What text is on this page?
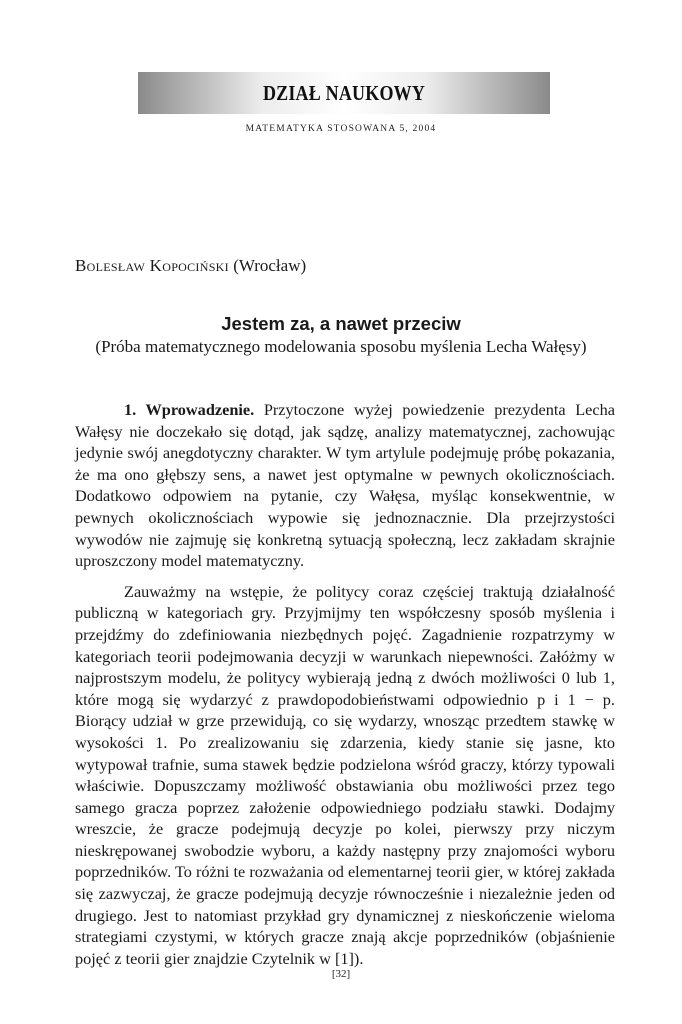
DZIAŁ NAUKOWY
MATEMATYKA STOSOWANA 5, 2004
Bolesław Kopociński (Wrocław)
Jestem za, a nawet przeciw
(Próba matematycznego modelowania sposobu myślenia Lecha Wałęsy)

1. Wprowadzenie. Przytoczone wyżej powiedzenie prezydenta Lecha Wałęsy nie doczekało się dotąd, jak sądzę, analizy matematycznej, zachowując jedynie swój anegdotyczny charakter. W tym artylule podejmuję próbę pokazania, że ma ono głębszy sens, a nawet jest optymalne w pewnych okolicznościach. Dodatkowo odpowiem na pytanie, czy Wałęsa, myśląc konsekwentnie, w pewnych okolicznościach wypowie się jednoznacznie. Dla przejrzystości wywodów nie zajmuję się konkretną sytuacją społeczną, lecz zakładam skrajnie uproszczony model matematyczny.

Zauważmy na wstępie, że politycy coraz częściej traktują działalność publiczną w kategoriach gry. Przyjmijmy ten współczesny sposób myślenia i przejdźmy do zdefiniowania niezbędnych pojęć. Zagadnienie rozpatrzymy w kategoriach teorii podejmowania decyzji w warunkach niepewności. Załóżmy w najprostszym modelu, że politycy wybierają jedną z dwóch możliwości 0 lub 1, które mogą się wydarzyć z prawdopodobieństwami odpowiednio p i 1 − p. Biorący udział w grze przewidują, co się wydarzy, wnosząc przedtem stawkę w wysokości 1. Po zrealizowaniu się zdarzenia, kiedy stanie się jasne, kto wytypował trafnie, suma stawek będzie podzielona wśród graczy, którzy typowali właściwie. Dopuszczamy możliwość obstawiania obu możliwości przez tego samego gracza poprzez założenie odpowiedniego podziału stawki. Dodajmy wreszcie, że gracze podejmują decyzje po kolei, pierwszy przy niczym nieskrępowanej swobodzie wyboru, a każdy następny przy znajomości wyboru poprzedników. To różni te rozważania od elementarnej teorii gier, w której zakłada się zazwyczaj, że gracze podejmują decyzje równocześnie i niezależnie jeden od drugiego. Jest to natomiast przykład gry dynamicznej z nieskończenie wieloma strategiami czystymi, w których gracze znają akcje poprzedników (objaśnienie pojęć z teorii gier znajdzie Czytelnik w [1]).

[32]
